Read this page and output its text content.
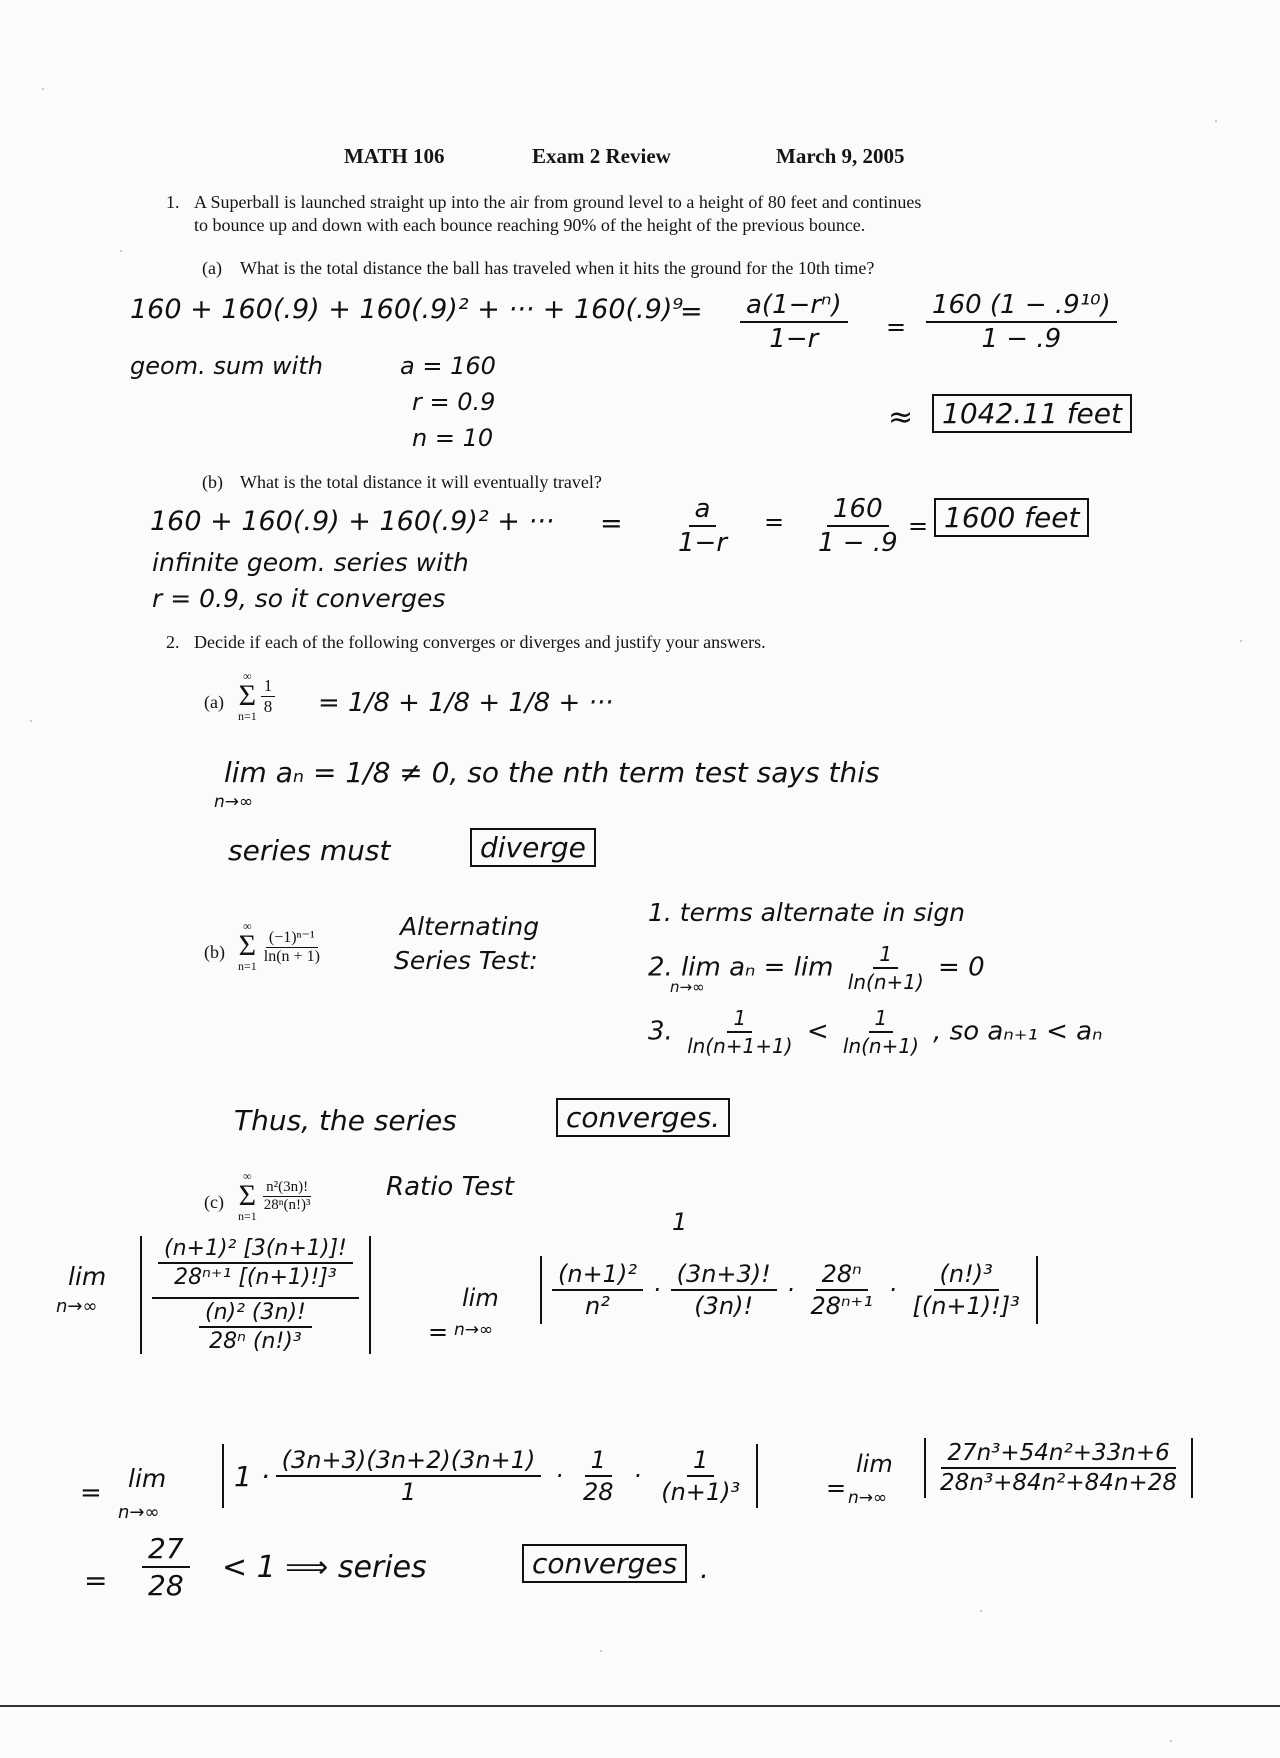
MATH 106	Exam 2 Review	March 9, 2005
1. A Superball is launched straight up into the air from ground level to a height of 80 feet and continues
to bounce up and down with each bounce reaching 90% of the height of the previous bounce.
(a) What is the total distance the ball has traveled when it hits the ground for the 10th time?
160 + 160(.9) + 160(.9)² + ··· + 160(.9)⁹
= $\frac{\text{a(1−rⁿ)}}{1-r} = \frac{\text{160 (1 − .9¹⁰)}}{1 - .9}$
geom. sum with	a = 160
r = 0.9
n = 10
≈	1042.11 feet
(b) What is the total distance it will eventually travel?
160 + 160(.9) + 160(.9)² + ··· = $\frac{a}{1-r} = \frac{160}{1 - .9} = 1600$ feet
infinite geom. series with
r = 0.9, so it converges
2. Decide if each of the following converges or diverges and justify your answers.
(a)
∞
Σ
n=1
$\frac{1}{8} = 1/8 + 1/8 + 1/8$ + ···
lim aₙ = 1/8 ≠ 0, so the nth term test says this
n→∞
series must	diverge
(b)
∞
Σ
n=1

$\frac{\text{(−1)ⁿ⁻¹}}{\ln(n + 1)}$	Alternating
Series Test:
1. terms alternate in sign
2. $\lim a_n = \lim \frac{1}{\ln(n+1)} = 0$
n→∞
3. $\frac{1}{\ln(n+1+1)} < \frac{1}{\ln(n+1)}$ , so aₙ₊₁ < aₙ
Thus, the series	converges.
(c)
∞
Σ
n=1

$\frac{\text{n²(3n)!}}{\text{28ⁿ(n!)³}}$	Ratio Test
lim
$n\to\infty \frac{\frac{\text{(n+1)² [3(n+1)]!}}{\text{28ⁿ⁺¹ [(n+1)!]³}}}{\frac{\text{(n)² (3n)!}}{\text{28ⁿ (n!)³}}}$	=
lim
n→∞
1
$\frac{\text{(n+1)²}}{\text{n²}} \cdot \frac{(3n+3)!}{(3n)!} \cdot \frac{\text{28ⁿ}}{\text{28ⁿ⁺¹}} \cdot \frac{\text{(n!)³}}{\text{[(n+1)!]³}}$
= lim
n→∞
$1 \cdot \frac{(3n+3)(3n+2)(3n+1)}{1} \cdot \frac{1}{28} \cdot \frac{1}{\text{(n+1)³}}$	=
lim
n→∞
$\frac{\text{27n³+54n²+33n+6}}{\text{28n³+84n²+84n+28}}$
= $\frac{27}{28} < 1$ ⟹ series	converges .
